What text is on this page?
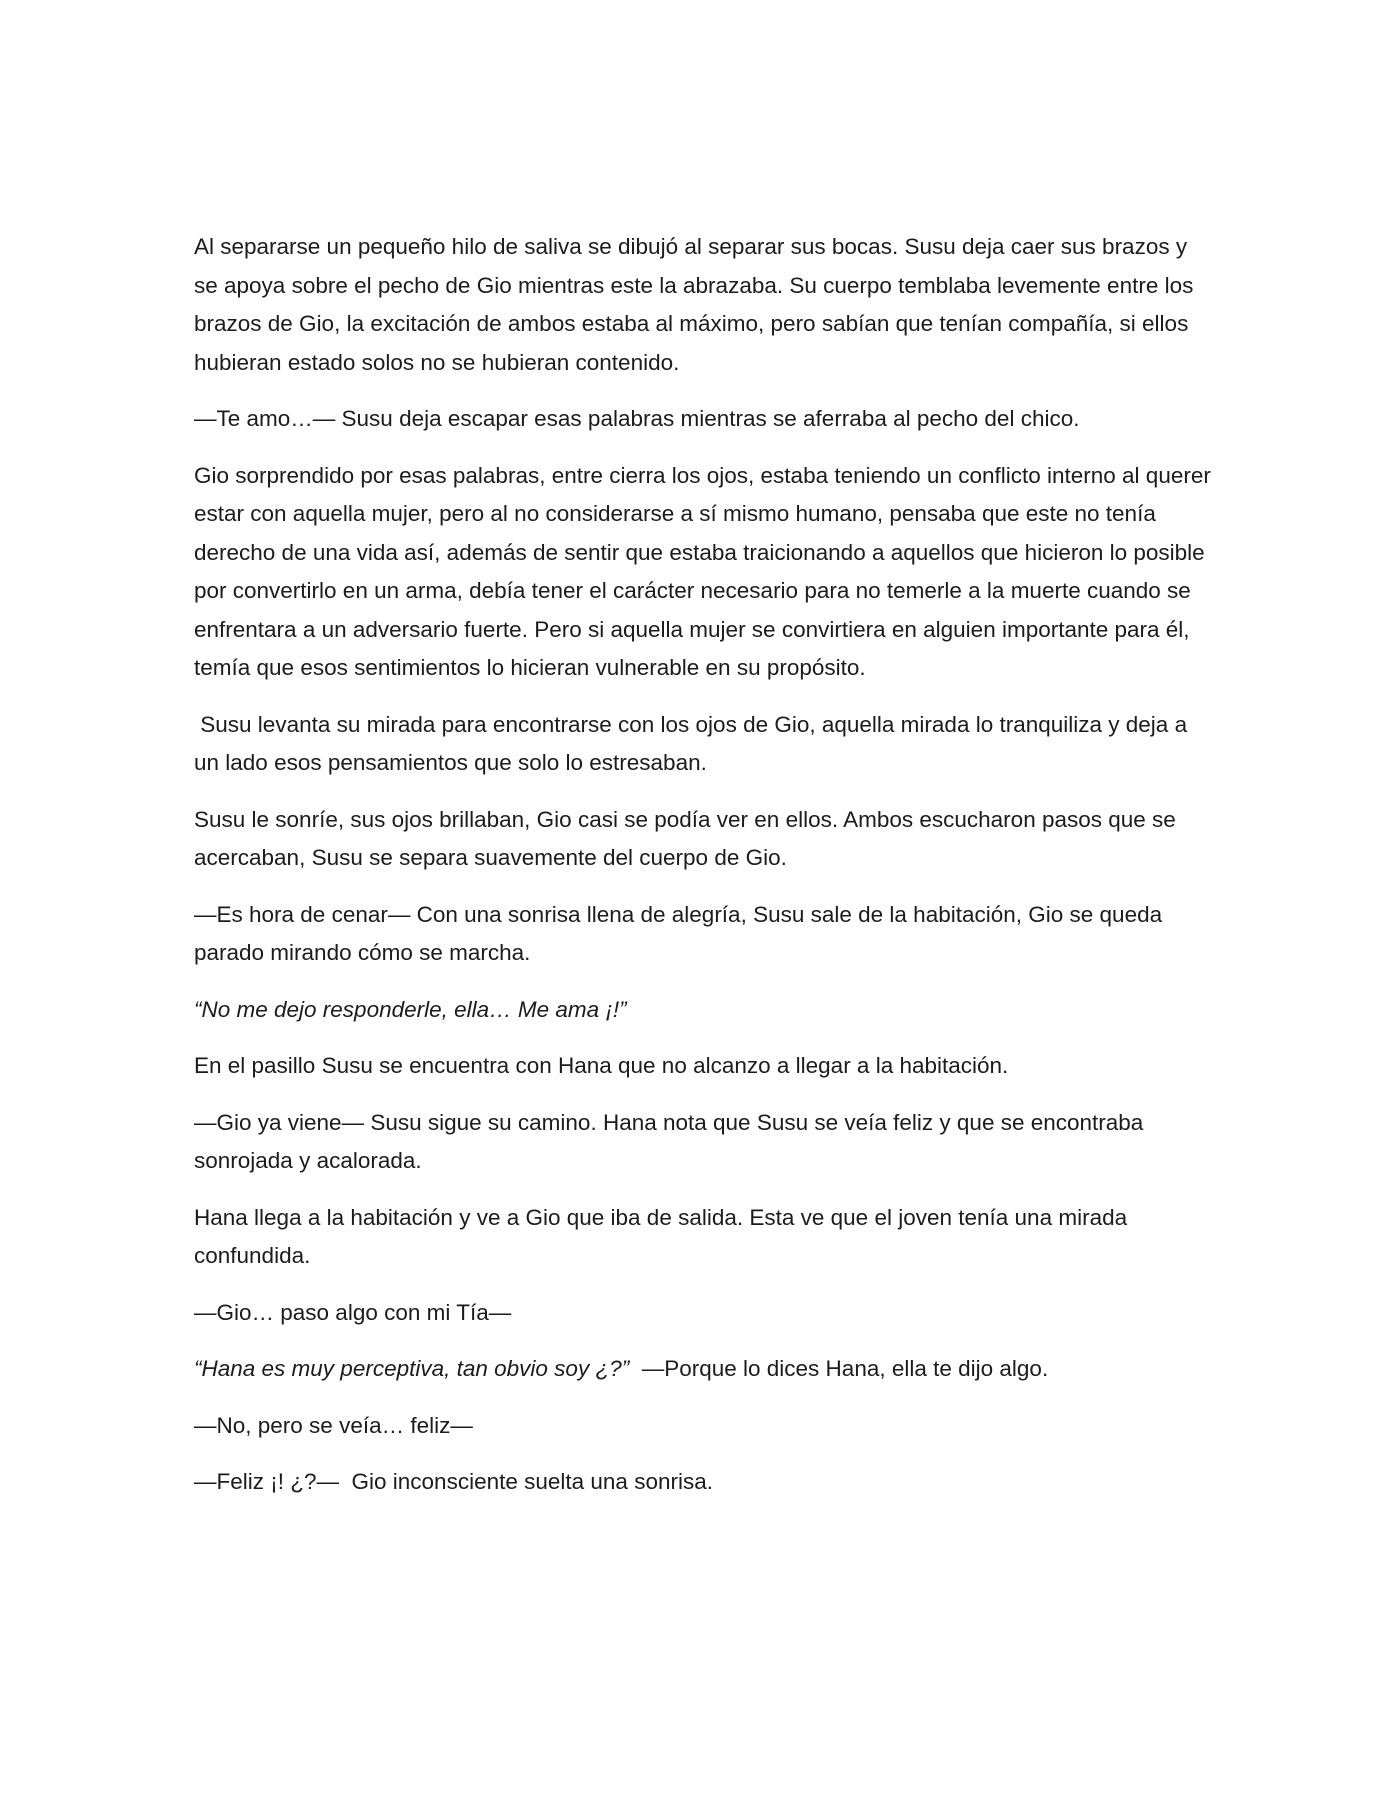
Al separarse un pequeño hilo de saliva se dibujó al separar sus bocas. Susu deja caer sus brazos y se apoya sobre el pecho de Gio mientras este la abrazaba. Su cuerpo temblaba levemente entre los brazos de Gio, la excitación de ambos estaba al máximo, pero sabían que tenían compañía, si ellos hubieran estado solos no se hubieran contenido.

—Te amo…— Susu deja escapar esas palabras mientras se aferraba al pecho del chico.

Gio sorprendido por esas palabras, entre cierra los ojos, estaba teniendo un conflicto interno al querer estar con aquella mujer, pero al no considerarse a sí mismo humano, pensaba que este no tenía derecho de una vida así, además de sentir que estaba traicionando a aquellos que hicieron lo posible por convertirlo en un arma, debía tener el carácter necesario para no temerle a la muerte cuando se enfrentara a un adversario fuerte. Pero si aquella mujer se convirtiera en alguien importante para él, temía que esos sentimientos lo hicieran vulnerable en su propósito.

Susu levanta su mirada para encontrarse con los ojos de Gio, aquella mirada lo tranquiliza y deja a un lado esos pensamientos que solo lo estresaban.

Susu le sonríe, sus ojos brillaban, Gio casi se podía ver en ellos. Ambos escucharon pasos que se acercaban, Susu se separa suavemente del cuerpo de Gio.

—Es hora de cenar— Con una sonrisa llena de alegría, Susu sale de la habitación, Gio se queda parado mirando cómo se marcha.

“No me dejo responderle, ella… Me ama ¡!”

En el pasillo Susu se encuentra con Hana que no alcanzo a llegar a la habitación.

—Gio ya viene— Susu sigue su camino. Hana nota que Susu se veía feliz y que se encontraba sonrojada y acalorada.

Hana llega a la habitación y ve a Gio que iba de salida. Esta ve que el joven tenía una mirada confundida.

—Gio… paso algo con mi Tía—

“Hana es muy perceptiva, tan obvio soy ¿?”  —Porque lo dices Hana, ella te dijo algo.

—No, pero se veía… feliz—

—Feliz ¡! ¿?—  Gio inconsciente suelta una sonrisa.
